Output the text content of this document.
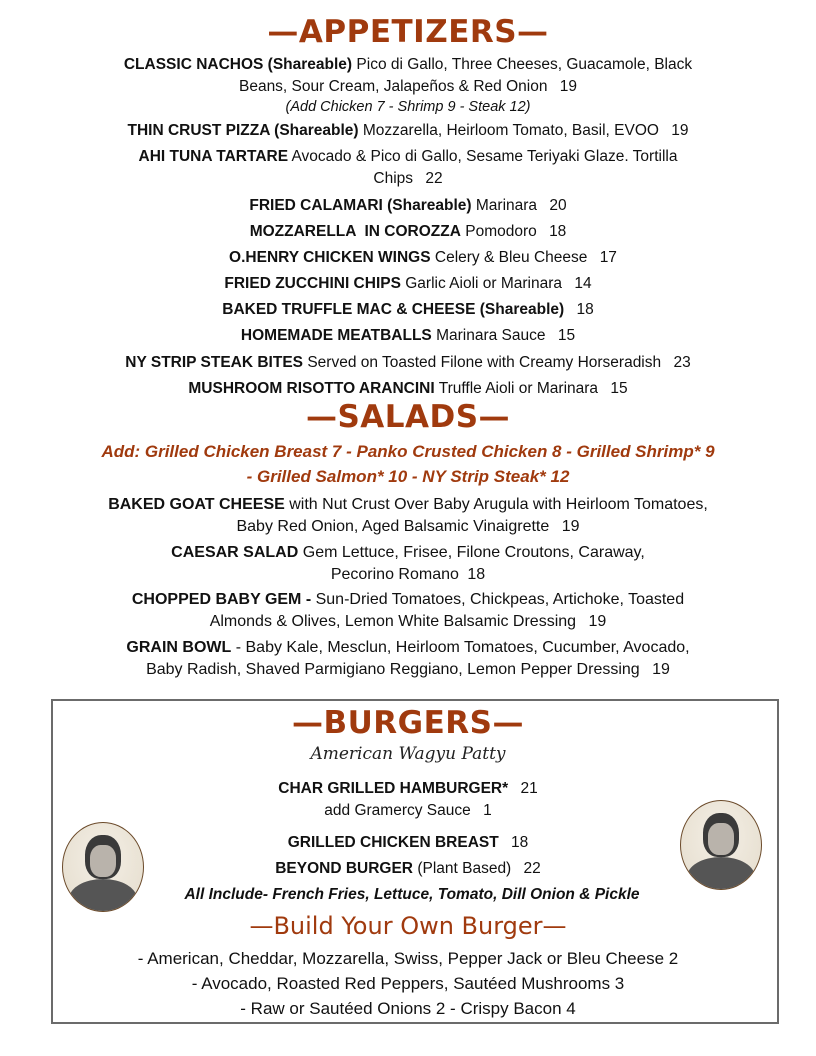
—APPETIZERS—
CLASSIC NACHOS (Shareable) Pico di Gallo, Three Cheeses, Guacamole, Black
Beans, Sour Cream, Jalapeños & Red Onion 19
(Add Chicken 7 - Shrimp 9 - Steak 12)
THIN CRUST PIZZA (Shareable) Mozzarella, Heirloom Tomato, Basil, EVOO 19
AHI TUNA TARTARE Avocado & Pico di Gallo, Sesame Teriyaki Glaze. Tortilla
Chips 22
FRIED CALAMARI (Shareable) Marinara 20
MOZZARELLA  IN COROZZA Pomodoro 18
O.HENRY CHICKEN WINGS Celery & Bleu Cheese 17
FRIED ZUCCHINI CHIPS Garlic Aioli or Marinara 14
BAKED TRUFFLE MAC & CHEESE (Shareable) 18
HOMEMADE MEATBALLS Marinara Sauce 15
NY STRIP STEAK BITES Served on Toasted Filone with Creamy Horseradish 23
MUSHROOM RISOTTO ARANCINI Truffle Aioli or Marinara 15
—SALADS—
Add: Grilled Chicken Breast 7 - Panko Crusted Chicken 8 - Grilled Shrimp* 9
- Grilled Salmon* 10 - NY Strip Steak* 12
BAKED GOAT CHEESE with Nut Crust Over Baby Arugula with Heirloom Tomatoes,
Baby Red Onion, Aged Balsamic Vinaigrette 19
CAESAR SALAD Gem Lettuce, Frisee, Filone Croutons, Caraway,
Pecorino Romano 18
CHOPPED BABY GEM - Sun-Dried Tomatoes, Chickpeas, Artichoke, Toasted
Almonds & Olives, Lemon White Balsamic Dressing 19
GRAIN BOWL - Baby Kale, Mesclun, Heirloom Tomatoes, Cucumber, Avocado,
Baby Radish, Shaved Parmigiano Reggiano, Lemon Pepper Dressing 19
—BURGERS—
American Wagyu Patty
CHAR GRILLED HAMBURGER* 21
add Gramercy Sauce 1
GRILLED CHICKEN BREAST 18
BEYOND BURGER (Plant Based) 22
All Include- French Fries, Lettuce, Tomato, Dill Onion & Pickle
—Build Your Own Burger—
- American, Cheddar, Mozzarella, Swiss, Pepper Jack or Bleu Cheese 2
- Avocado, Roasted Red Peppers, Sautéed Mushrooms 3
- Raw or Sautéed Onions 2 - Crispy Bacon 4
